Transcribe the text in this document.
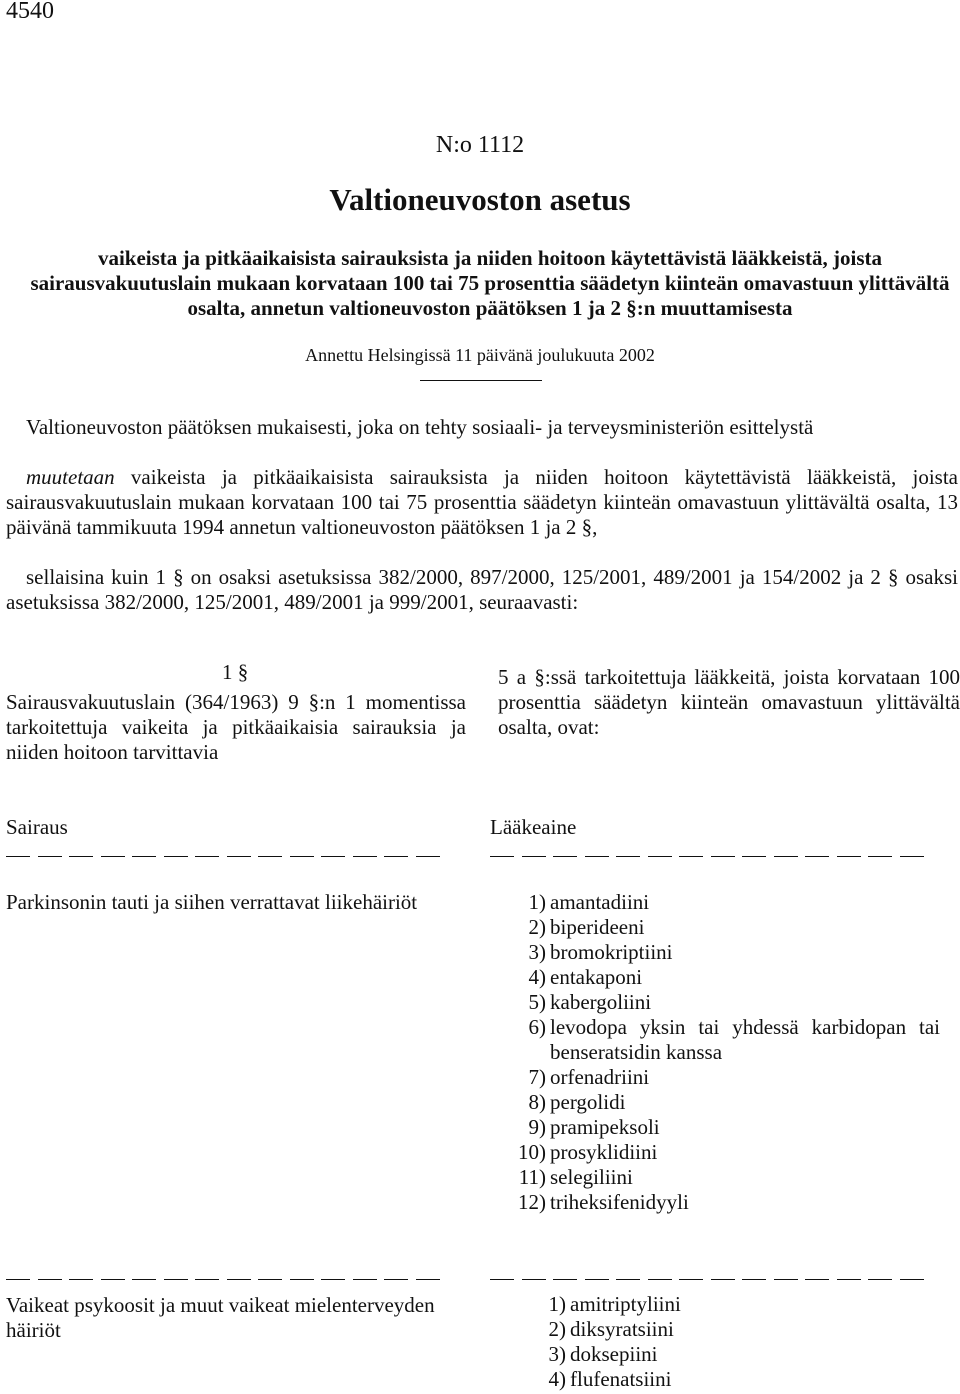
4540
N:o 1112
Valtioneuvoston asetus
vaikeista ja pitkäaikaisista sairauksista ja niiden hoitoon käytettävistä lääkkeistä, joista sairausvakuutuslain mukaan korvataan 100 tai 75 prosenttia säädetyn kiinteän omavastuun ylittävältä osalta, annetun valtioneuvoston päätöksen 1 ja 2 §:n muuttamisesta
Annettu Helsingissä 11 päivänä joulukuuta 2002
Valtioneuvoston päätöksen mukaisesti, joka on tehty sosiaali- ja terveysministeriön esittelystä
muutetaan vaikeista ja pitkäaikaisista sairauksista ja niiden hoitoon käytettävistä lääkkeistä, joista sairausvakuutuslain mukaan korvataan 100 tai 75 prosenttia säädetyn kiinteän omavastuun ylittävältä osalta, 13 päivänä tammikuuta 1994 annetun valtioneuvoston päätöksen 1 ja 2 §,
sellaisina kuin 1 § on osaksi asetuksissa 382/2000, 897/2000, 125/2001, 489/2001 ja 154/2002 ja 2 § osaksi asetuksissa 382/2000, 125/2001, 489/2001 ja 999/2001, seuraavasti:
1 §
Sairausvakuutuslain (364/1963) 9 §:n 1 momentissa tarkoitettuja vaikeita ja pitkäaikaisia sairauksia ja niiden hoitoon tarvittavia
5 a §:ssä tarkoitettuja lääkkeitä, joista korvataan 100 prosenttia säädetyn kiinteän omavastuun ylittävältä osalta, ovat:
Sairaus	Lääkeaine
Parkinsonin tauti ja siihen verrattavat liikehäiriöt	1) amantadiini
2) biperideeni
3) bromokriptiini
4) entakaponi
5) kabergoliini
6) levodopa yksin tai yhdessä karbidopan tai benseratsidin kanssa
7) orfenadriini
8) pergolidi
9) pramipeksoli
10) prosyklidiini
11) selegiliini
12) triheksifenidyyli
Vaikeat psykoosit ja muut vaikeat mielenterveyden häiriöt
1) amitriptyliini
2) diksyratsiini
3) doksepiini
4) flufenatsiini
